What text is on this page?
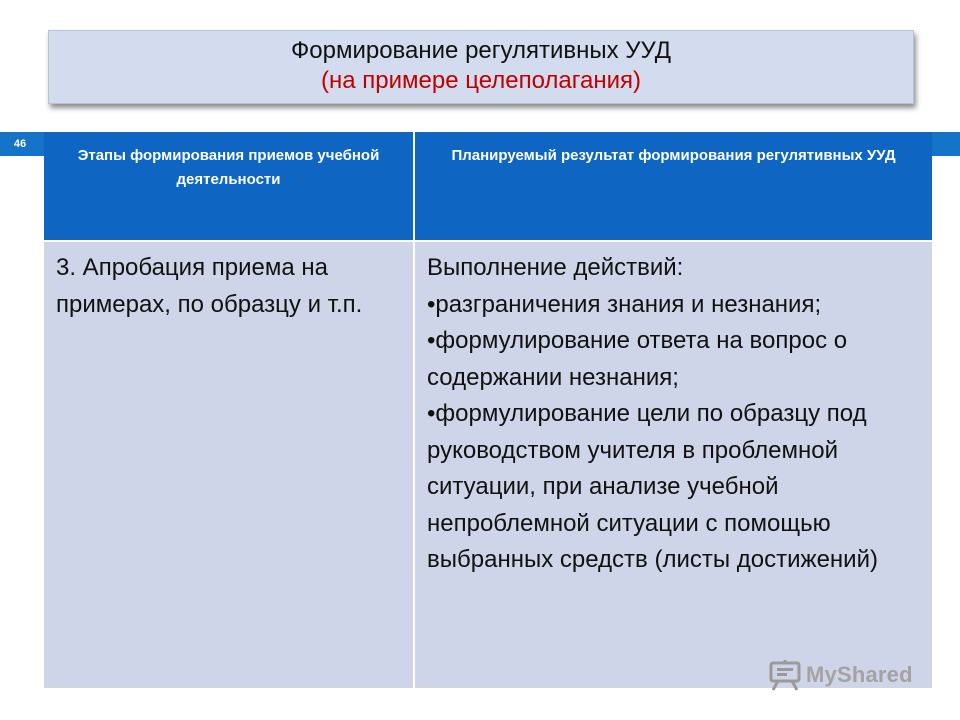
Формирование регулятивных УУД
(на примере целеполагания)
46
Этапы формирования приемов учебной деятельности	Планируемый результат формирования регулятивных УУД
3. Апробация приема на примерах, по образцу и т.п.	Выполнение действий:
•разграничения знания и незнания;
•формулирование ответа на вопрос о содержании незнания;
•формулирование цели по образцу под руководством учителя в проблемной ситуации, при анализе учебной непроблемной ситуации с помощью выбранных средств (листы достижений)
MyShared
